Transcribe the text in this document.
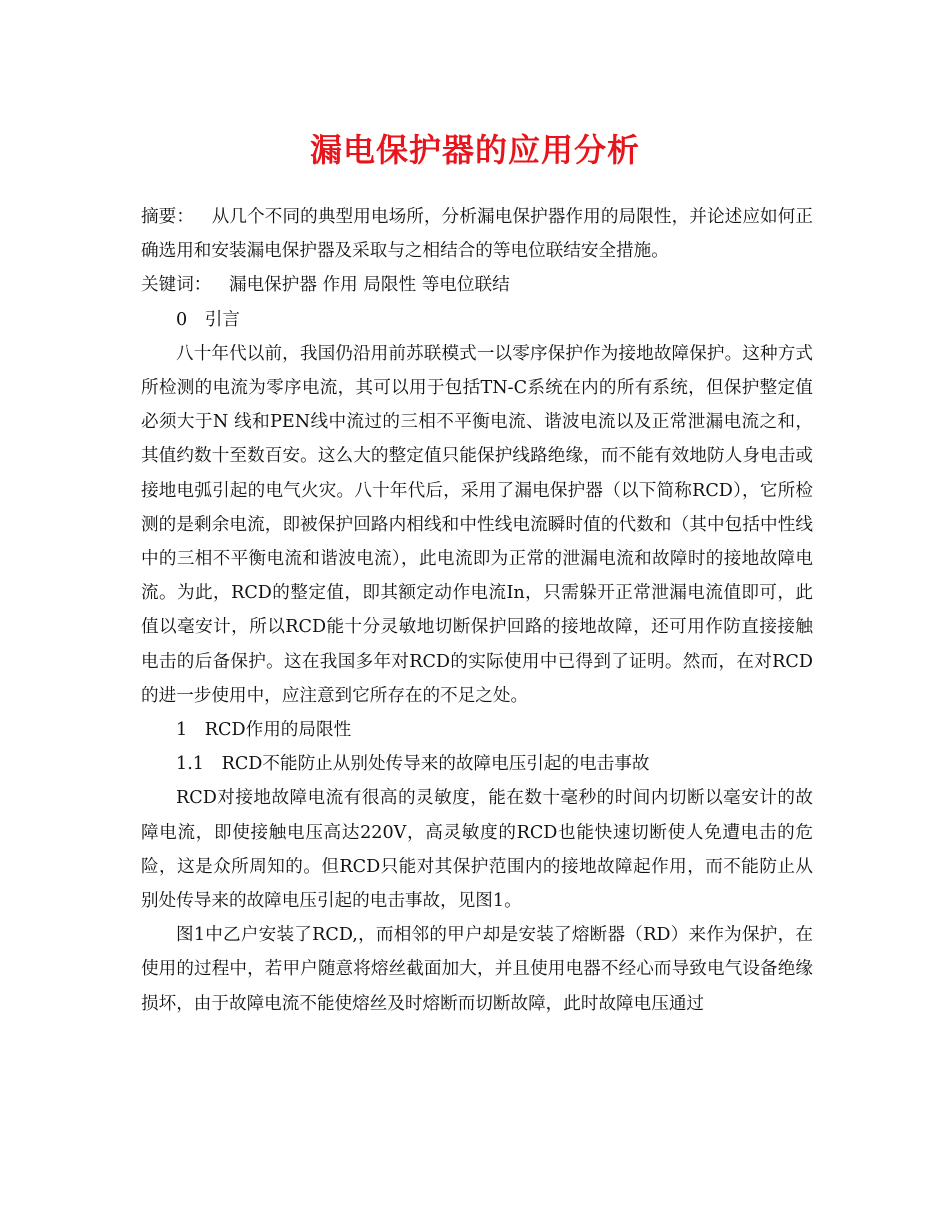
漏电保护器的应用分析

摘要： 从几个不同的典型用电场所，分析漏电保护器作用的局限性，并论述应如何正确选用和安装漏电保护器及采取与之相结合的等电位联结安全措施。

关键词： 漏电保护器 作用 局限性 等电位联结

0　引言

八十年代以前，我国仍沿用前苏联模式一以零序保护作为接地故障保护。这种方式所检测的电流为零序电流，其可以用于包括TN-C系统在内的所有系统，但保护整定值必须大于N 线和PEN线中流过的三相不平衡电流、谐波电流以及正常泄漏电流之和，其值约数十至数百安。这么大的整定值只能保护线路绝缘，而不能有效地防人身电击或接地电弧引起的电气火灾。八十年代后，采用了漏电保护器（以下简称RCD），它所检测的是剩余电流，即被保护回路内相线和中性线电流瞬时值的代数和（其中包括中性线中的三相不平衡电流和谐波电流），此电流即为正常的泄漏电流和故障时的接地故障电流。为此，RCD的整定值，即其额定动作电流In，只需躲开正常泄漏电流值即可，此值以毫安计，所以RCD能十分灵敏地切断保护回路的接地故障，还可用作防直接接触电击的后备保护。这在我国多年对RCD的实际使用中已得到了证明。然而，在对RCD的进一步使用中，应注意到它所存在的不足之处。

1　RCD作用的局限性

1.1　RCD不能防止从别处传导来的故障电压引起的电击事故

RCD对接地故障电流有很高的灵敏度，能在数十毫秒的时间内切断以毫安计的故障电流，即使接触电压高达220V，高灵敏度的RCD也能快速切断使人免遭电击的危险，这是众所周知的。但RCD只能对其保护范围内的接地故障起作用，而不能防止从别处传导来的故障电压引起的电击事故，见图1。

图1中乙户安装了RCD,，而相邻的甲户却是安装了熔断器（RD）来作为保护，在使用的过程中，若甲户随意将熔丝截面加大，并且使用电器不经心而导致电气设备绝缘损坏，由于故障电流不能使熔丝及时熔断而切断故障，此时故障电压通过
